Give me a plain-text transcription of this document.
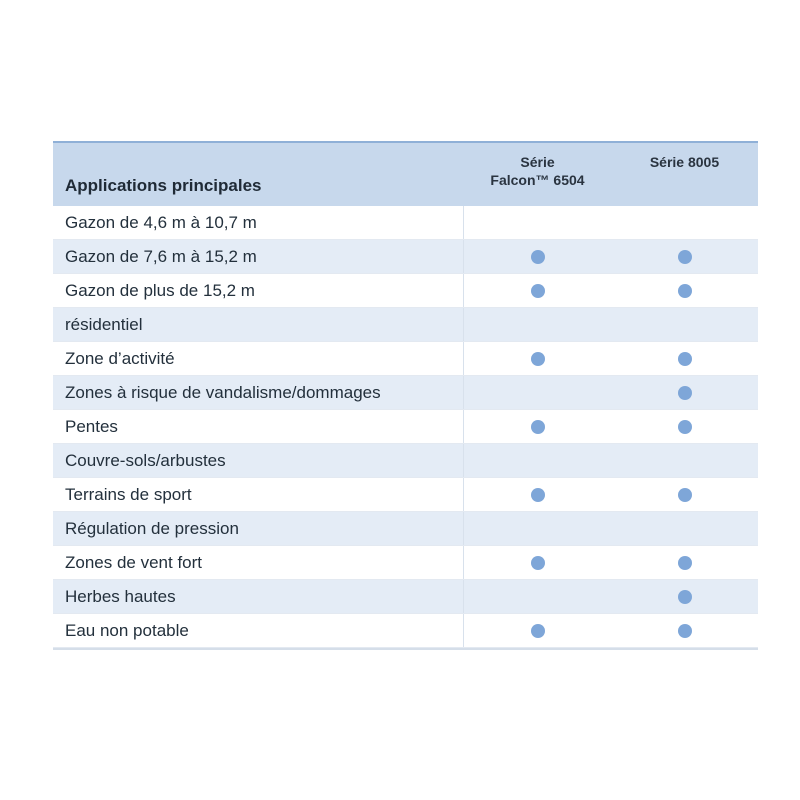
Applications principales
Série
Falcon™ 6504
Série 8005
Gazon de 4,6 m à 10,7 m
Gazon de 7,6 m à 15,2 m
Gazon de plus de 15,2 m
résidentiel
Zone d’activité
Zones à risque de vandalisme/dommages
Pentes
Couvre-sols/arbustes
Terrains de sport
Régulation de pression
Zones de vent fort
Herbes hautes
Eau non potable
